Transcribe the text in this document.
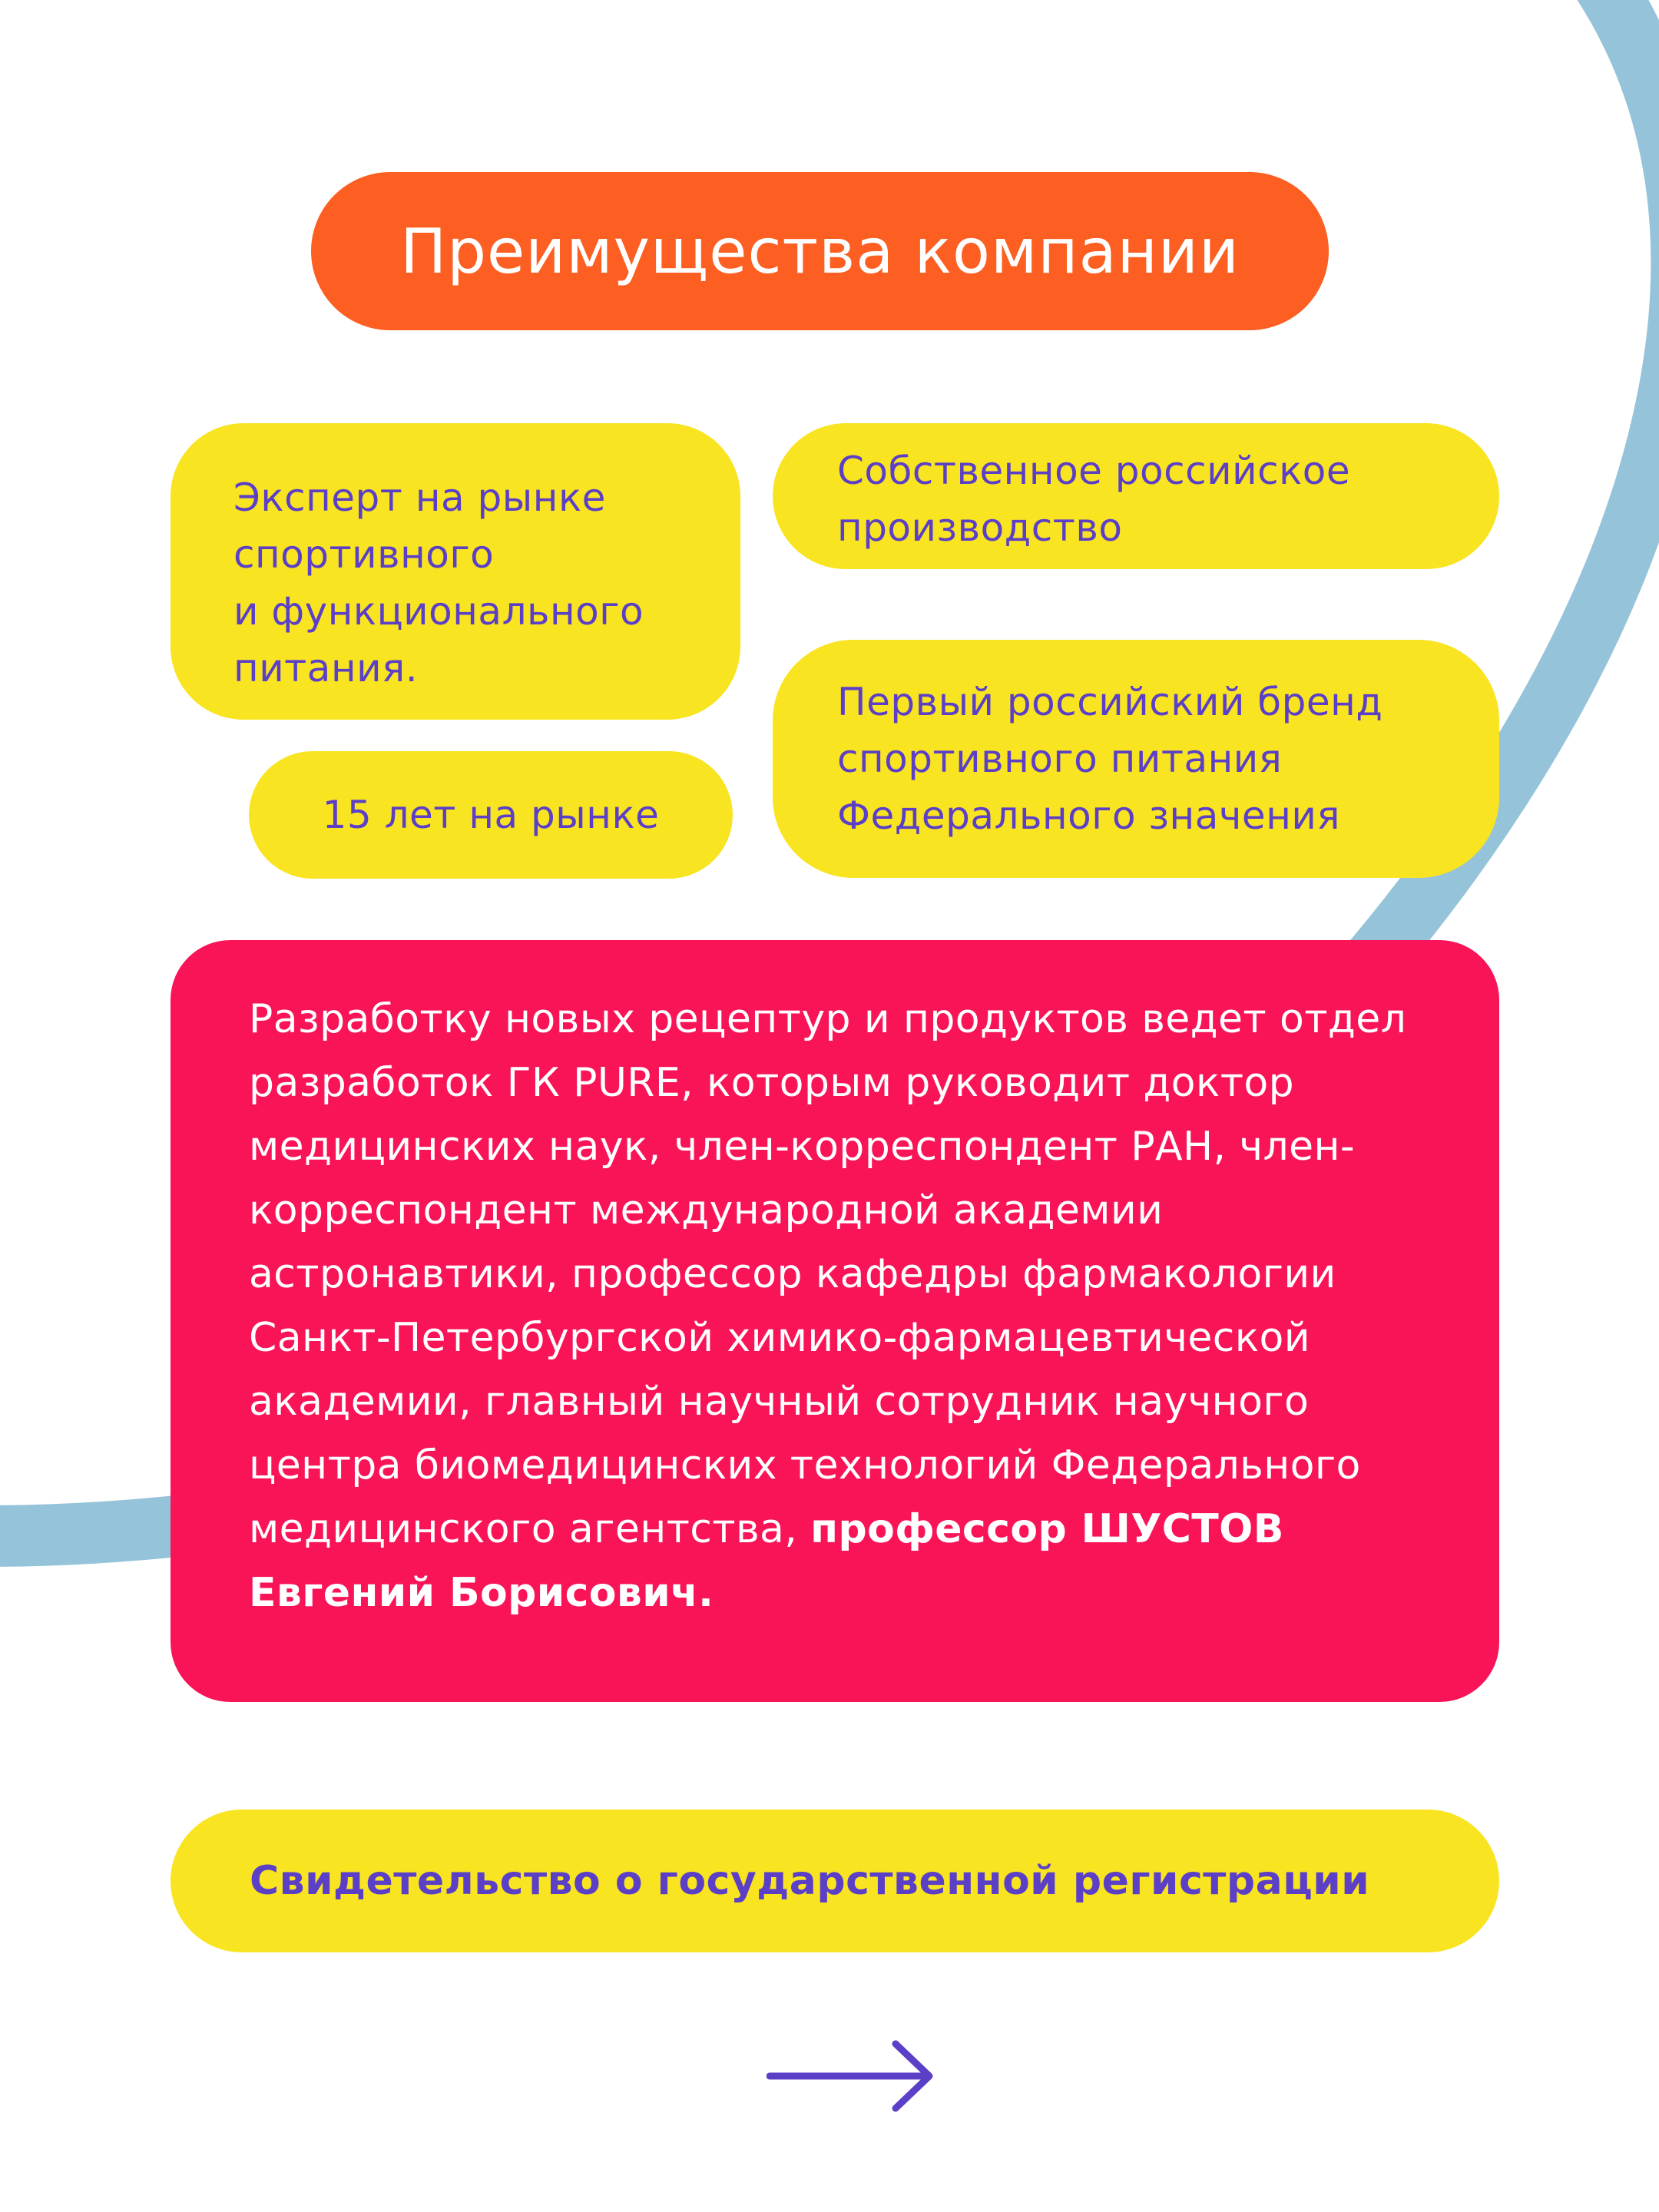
Преимущества компании
Эксперт на рынке
спортивного
и функционального
питания.
15 лет на рынке
Собственное российское
производство
Первый российский бренд
спортивного питания
Федерального значения
Разработку новых рецептур и продуктов ведет отдел
разработок ГК PURE, которым руководит доктор
медицинских наук, член-корреспондент РАН, член-
корреспондент международной академии
астронавтики, профессор кафедры фармакологии
Санкт-Петербургской химико-фармацевтической
академии, главный научный сотрудник научного
центра биомедицинских технологий Федерального
медицинского агентства, профессор ШУСТОВ
Евгений Борисович.
Свидетельство о государственной регистрации
